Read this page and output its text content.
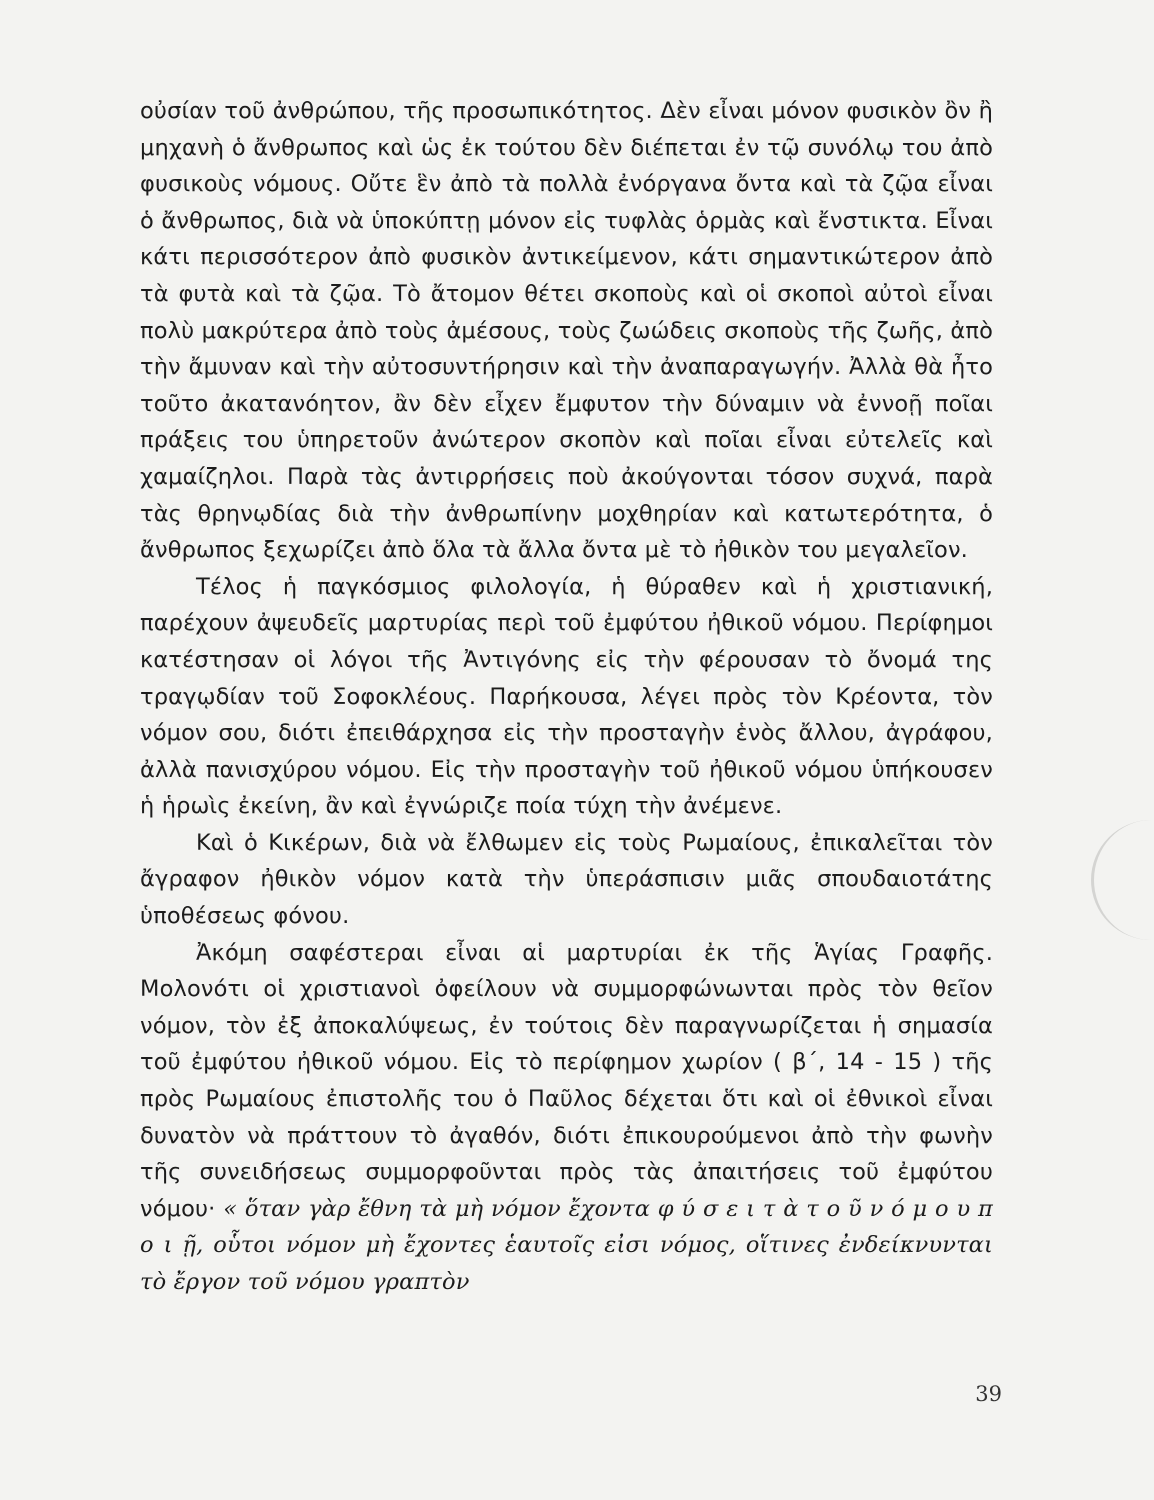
οὐσίαν τοῦ ἀνθρώπου, τῆς προσωπικότητος. Δὲν εἶναι μόνον φυσικὸν ὂν ἢ μηχανὴ ὁ ἄνθρωπος καὶ ὡς ἐκ τούτου δὲν διέπεται ἐν τῷ συνόλῳ του ἀπὸ φυσικοὺς νόμους. Οὔτε ἓν ἀπὸ τὰ πολλὰ ἐνόργανα ὄντα καὶ τὰ ζῷα εἶναι ὁ ἄνθρωπος, διὰ νὰ ὑποκύπτῃ μόνον εἰς τυφλὰς ὁρμὰς καὶ ἔνστικτα. Εἶναι κάτι περισσότερον ἀπὸ φυσικὸν ἀντικείμενον, κάτι σημαντικώτερον ἀπὸ τὰ φυτὰ καὶ τὰ ζῷα. Τὸ ἄτομον θέτει σκοποὺς καὶ οἱ σκοποὶ αὐτοὶ εἶναι πολὺ μακρύτερα ἀπὸ τοὺς ἀμέσους, τοὺς ζωώδεις σκοποὺς τῆς ζωῆς, ἀπὸ τὴν ἄμυναν καὶ τὴν αὐτοσυντήρησιν καὶ τὴν ἀναπαραγωγήν. Ἀλλὰ θὰ ἦτο τοῦτο ἀκατανόητον, ἂν δὲν εἶχεν ἔμφυτον τὴν δύναμιν νὰ ἐννοῇ ποῖαι πράξεις του ὑπηρετοῦν ἀνώτερον σκοπὸν καὶ ποῖαι εἶναι εὐτελεῖς καὶ χαμαίζηλοι. Παρὰ τὰς ἀντιρρήσεις ποὺ ἀκούγονται τόσον συχνά, παρὰ τὰς θρηνῳδίας διὰ τὴν ἀνθρωπίνην μοχθηρίαν καὶ κατωτερότητα, ὁ ἄνθρωπος ξεχωρίζει ἀπὸ ὅλα τὰ ἄλλα ὄντα μὲ τὸ ἠθικὸν του μεγαλεῖον.

Τέλος ἡ παγκόσμιος φιλολογία, ἡ θύραθεν καὶ ἡ χριστιανική, παρέχουν ἀψευδεῖς μαρτυρίας περὶ τοῦ ἐμφύτου ἠθικοῦ νόμου. Περίφημοι κατέστησαν οἱ λόγοι τῆς Ἀντιγόνης εἰς τὴν φέρουσαν τὸ ὄνομά της τραγῳδίαν τοῦ Σοφοκλέους. Παρήκουσα, λέγει πρὸς τὸν Κρέοντα, τὸν νόμον σου, διότι ἐπειθάρχησα εἰς τὴν προσταγὴν ἑνὸς ἄλλου, ἀγράφου, ἀλλὰ πανισχύρου νόμου. Εἰς τὴν προσταγὴν τοῦ ἠθικοῦ νόμου ὑπήκουσεν ἡ ἡρωὶς ἐκείνη, ἂν καὶ ἐγνώριζε ποία τύχη τὴν ἀνέμενε.

Καὶ ὁ Κικέρων, διὰ νὰ ἔλθωμεν εἰς τοὺς Ρωμαίους, ἐπικαλεῖται τὸν ἄγραφον ἠθικὸν νόμον κατὰ τὴν ὑπεράσπισιν μιᾶς σπουδαιοτάτης ὑποθέσεως φόνου.

Ἀκόμη σαφέστεραι εἶναι αἱ μαρτυρίαι ἐκ τῆς Ἁγίας Γραφῆς. Μολονότι οἱ χριστιανοὶ ὀφείλουν νὰ συμμορφώνωνται πρὸς τὸν θεῖον νόμον, τὸν ἐξ ἀποκαλύψεως, ἐν τούτοις δὲν παραγνωρίζεται ἡ σημασία τοῦ ἐμφύτου ἠθικοῦ νόμου. Εἰς τὸ περίφημον χωρίον ( β΄, 14 - 15 ) τῆς πρὸς Ρωμαίους ἐπιστολῆς του ὁ Παῦλος δέχεται ὅτι καὶ οἱ ἐθνικοὶ εἶναι δυνατὸν νὰ πράττουν τὸ ἀγαθόν, διότι ἐπικουρούμενοι ἀπὸ τὴν φωνὴν τῆς συνειδήσεως συμμορφοῦνται πρὸς τὰς ἀπαιτήσεις τοῦ ἐμφύτου νόμου· « ὅταν γὰρ ἔθνη τὰ μὴ νόμον ἔχοντα φ ύ σ ε ι τ ὰ τ ο ῦ ν ό μ ο υ π ο ι ῇ, οὗτοι νόμον μὴ ἔχοντες ἑαυτοῖς εἰσι νόμος, οἵτινες ἐνδείκνυνται τὸ ἔργον τοῦ νόμου γραπτὸν

39
